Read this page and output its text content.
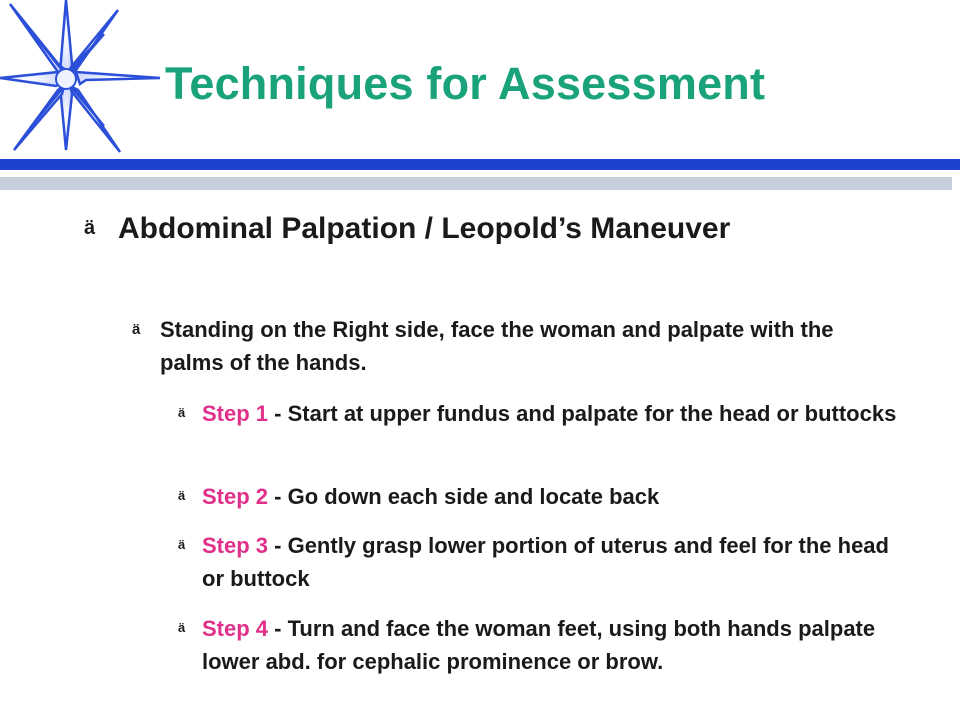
Techniques for Assessment
ä Abdominal Palpation / Leopold’s Maneuver
ä Standing on the Right side, face the woman and palpate with the palms of the hands.
ä Step 1 - Start at upper fundus and palpate for the head or buttocks
ä Step 2 - Go down each side and locate back
ä Step 3 - Gently grasp lower portion of uterus and feel for the head or buttock
ä Step 4 - Turn and face the woman feet, using both hands palpate lower abd. for cephalic prominence or brow.
